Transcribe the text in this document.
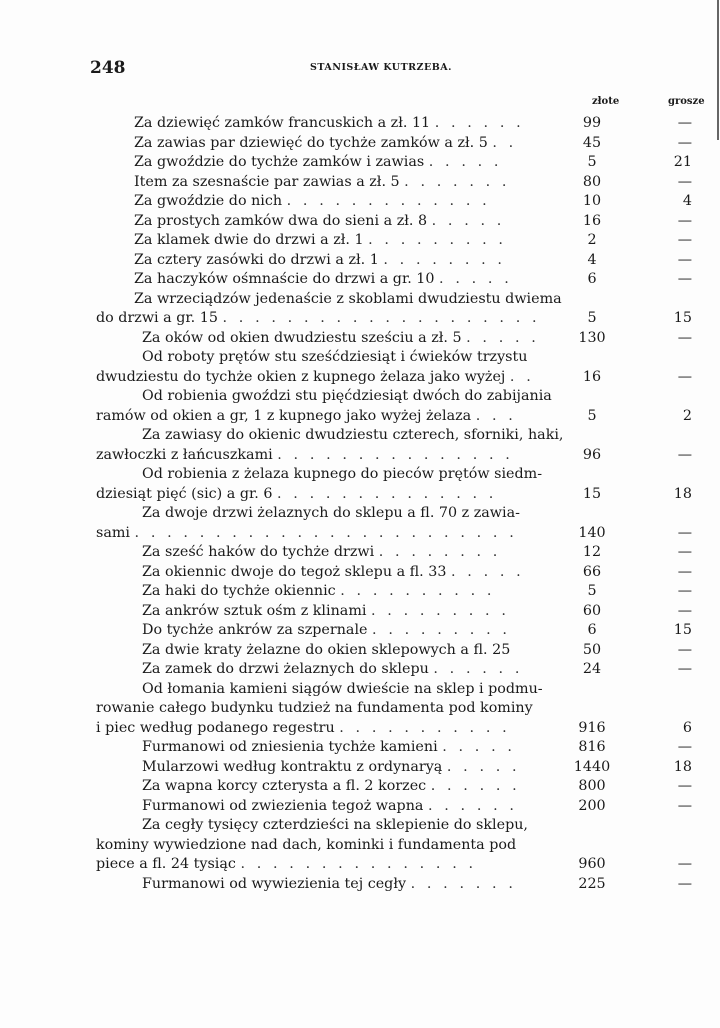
248	STANISŁAW KUTRZEBA.
złote	grosze
Za dziewięć zamków francuskich a zł. 11 . . . . . .	99	—
Za zawias par dziewięć do tychże zamków a zł. 5 . .	45	—
Za gwoździe do tychże zamków i zawias . . . . .	5	21
Item za szesnaście par zawias a zł. 5 . . . . . . .	80	—
Za gwoździe do nich . . . . . . . . . . . . .	10	4
Za prostych zamków dwa do sieni a zł. 8 . . . . .	16	—
Za klamek dwie do drzwi a zł. 1 . . . . . . . . .	2	—
Za cztery zasówki do drzwi a zł. 1 . . . . . . . .	4	—
Za haczyków ośmnaście do drzwi a gr. 10 . . . . .	6	—
Za wrzeciądzów jedenaście z skoblami dwudziestu dwiema
do drzwi a gr. 15 . . . . . . . . . . . . . . . . . . . .	5	15
Za oków od okien dwudziestu sześciu a zł. 5 . . . . .	130	—
Od roboty prętów stu sześćdziesiąt i ćwieków trzystu
dwudziestu do tychże okien z kupnego żelaza jako wyżej . .	16	—
Od robienia gwoździ stu pięćdziesiąt dwóch do zabijania
ramów od okien a gr, 1 z kupnego jako wyżej żelaza . . .	5	2
Za zawiasy do okienic dwudziestu czterech, sforniki, haki,
zawłoczki z łańcuszkami . . . . . . . . . . . . . . .	96	—
Od robienia z żelaza kupnego do pieców prętów siedm-
dziesiąt pięć (sic) a gr. 6 . . . . . . . . . . . . . .	15	18
Za dwoje drzwi żelaznych do sklepu a fl. 70 z zawia-
sami . . . . . . . . . . . . . . . . . . . . . . . .	140	—
Za sześć haków do tychże drzwi . . . . . . . .	12	—
Za okiennic dwoje do tegoż sklepu a fl. 33 . . . . .	66	—
Za haki do tychże okiennic . . . . . . . . . .	5	—
Za ankrów sztuk ośm z klinami . . . . . . . . .	60	—
Do tychże ankrów za szpernale . . . . . . . . .	6	15
Za dwie kraty żelazne do okien sklepowych a fl. 25	50	—
Za zamek do drzwi żelaznych do sklepu . . . . . .	24	—
Od łomania kamieni siągów dwieście na sklep i podmu-
rowanie całego budynku tudzież na fundamenta pod kominy
i piec według podanego regestru . . . . . . . . . . .	916	6
Furmanowi od zniesienia tychże kamieni . . . . .	816	—
Mularzowi według kontraktu z ordynaryą . . . . .	1440	18
Za wapna korcy czterysta a fl. 2 korzec . . . . . .	800	—
Furmanowi od zwiezienia tegoż wapna . . . . . .	200	—
Za cegły tysięcy czterdzieści na sklepienie do sklepu,
kominy wywiedzione nad dach, kominki i fundamenta pod
piece a fl. 24 tysiąc . . . . . . . . . . . . . . .	960	—
Furmanowi od wywiezienia tej cegły . . . . . . .	225	—
